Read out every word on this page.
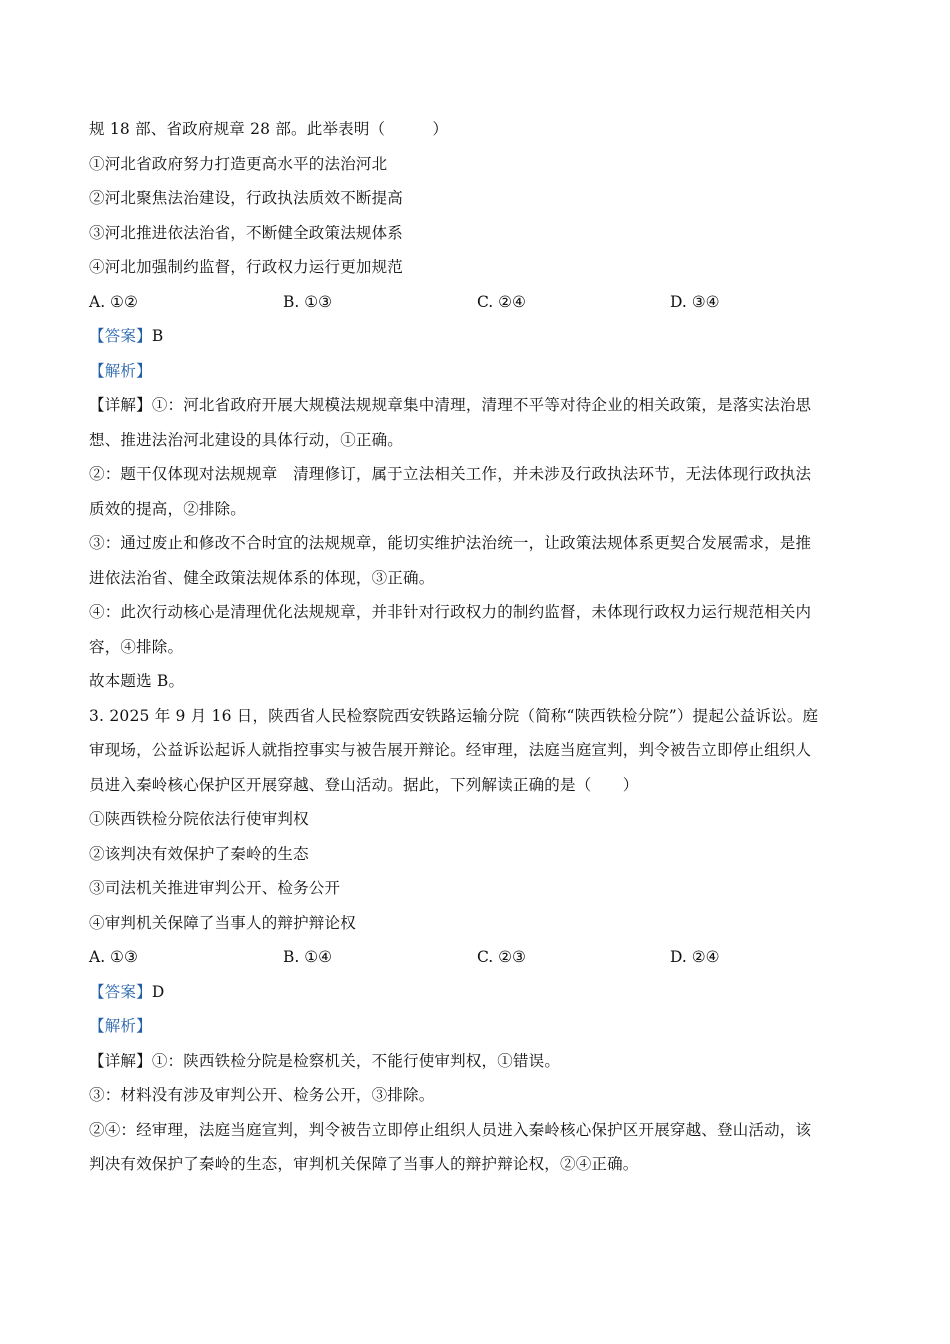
规 18 部、省政府规章 28 部。此举表明（　　　）
①河北省政府努力打造更高水平的法治河北
②河北聚焦法治建设，行政执法质效不断提高
③河北推进依法治省，不断健全政策法规体系
④河北加强制约监督，行政权力运行更加规范
A. ①②	B. ①③	C. ②④	D. ③④
【答案】B
【解析】
【详解】①：河北省政府开展大规模法规规章集中清理，清理不平等对待企业的相关政策，是落实法治思
想、推进法治河北建设的具体行动，①正确。
②：题干仅体现对法规规章　清理修订，属于立法相关工作，并未涉及行政执法环节，无法体现行政执法
质效的提高，②排除。
③：通过废止和修改不合时宜的法规规章，能切实维护法治统一，让政策法规体系更契合发展需求，是推
进依法治省、健全政策法规体系的体现，③正确。
④：此次行动核心是清理优化法规规章，并非针对行政权力的制约监督，未体现行政权力运行规范相关内
容，④排除。
故本题选 B。
3. 2025 年 9 月 16 日，陕西省人民检察院西安铁路运输分院（简称“陕西铁检分院”）提起公益诉讼。庭
审现场，公益诉讼起诉人就指控事实与被告展开辩论。经审理，法庭当庭宣判，判令被告立即停止组织人
员进入秦岭核心保护区开展穿越、登山活动。据此，下列解读正确的是（　　）
①陕西铁检分院依法行使审判权
②该判决有效保护了秦岭的生态
③司法机关推进审判公开、检务公开
④审判机关保障了当事人的辩护辩论权
A. ①③	B. ①④	C. ②③	D. ②④
【答案】D
【解析】
【详解】①：陕西铁检分院是检察机关，不能行使审判权，①错误。
③：材料没有涉及审判公开、检务公开，③排除。
②④：经审理，法庭当庭宣判，判令被告立即停止组织人员进入秦岭核心保护区开展穿越、登山活动，该
判决有效保护了秦岭的生态，审判机关保障了当事人的辩护辩论权，②④正确。
